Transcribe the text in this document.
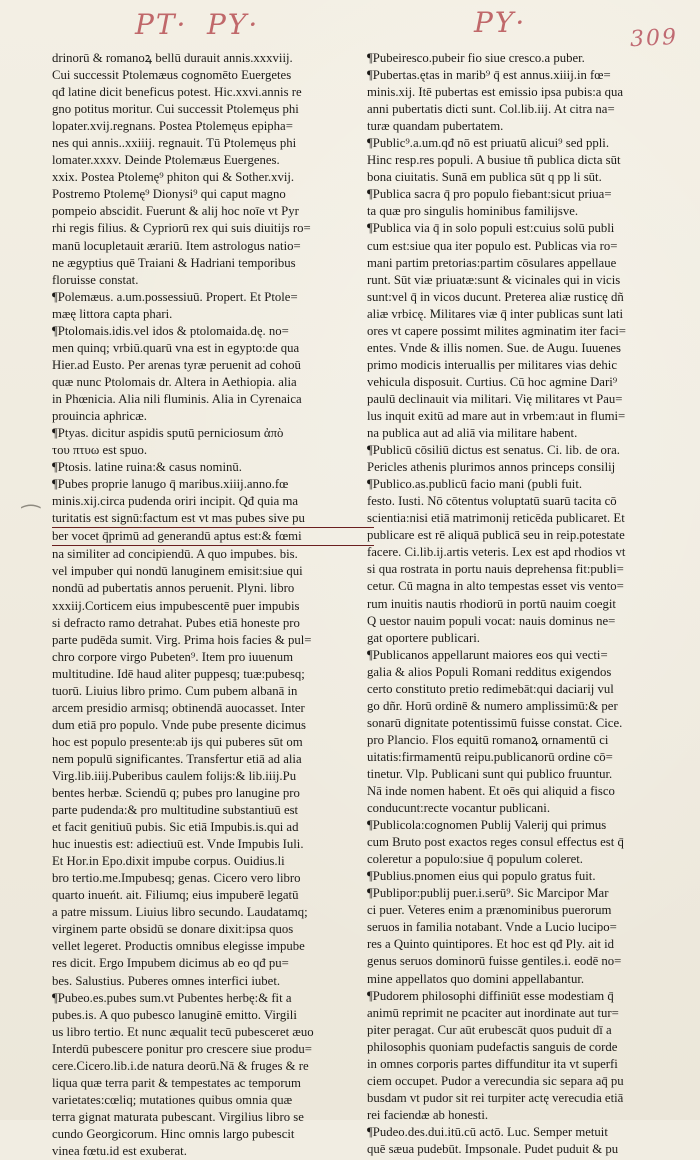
PT· PY·	PY·	309
⁀
drinorū & romanoꝝ bellū durauit annis.xxxviij.
Cui successit Ptolemæus cognomēto Euergetes
qđ latine dicit beneficus potest. Hic.xxvi.annis re
gno potitus moritur. Cui successit Ptolemęus phi
lopater.xvij.regnans. Postea Ptolemęus epipha=
nes qui annis..xxiiij. regnauit. Tū Ptolemęus phi
lomater.xxxv. Deinde Ptolemæus Euergenes.
xxix. Postea Ptolemę⁹ phiton qui & Sother.xvij.
Postremo Ptolemę⁹ Dionysi⁹ qui caput magno
pompeio abscidit. Fuerunt & alij hoc noīe vt Pyr
rhi regis filius. & Cypriorū rex qui suis diuitijs ro=
manū locupletauit ærariū. Item astrologus natio=
ne ægyptius quē Traiani & Hadriani temporibus
floruisse constat.
¶Polemæus. a.um.possessiuū. Propert. Et Ptole=
mæę littora capta phari.
¶Ptolomais.idis.vel idos & ptolomaida.dę. no=
men quinq; vrbiū.quarū vna est in egypto:de qua
Hier.ad Eusto. Per arenas tyræ peruenit ad cohoū
quæ nunc Ptolomais dr. Altera in Aethiopia. alia
in Phœnicia. Alia nili fluminis. Alia in Cyrenaica
prouincia aphricæ.
¶Ptyas. dicitur aspidis sputū perniciosum ἀπὸ
του πτυω est spuo.
¶Ptosis. latine ruina:& casus nominū.
¶Pubes proprie lanugo q̄ maribus.xiiij.anno.fœ
minis.xij.circa pudenda oriri incipit. Qđ quia ma
turitatis est signū:factum est vt mas pubes sive pu
ber vocet q̄primū ad generandū aptus est:& fœmi
na similiter ad concipiendū. A quo impubes. bis.
vel impuber qui nondū lanuginem emisit:siue qui
nondū ad pubertatis annos peruenit. Plyni. libro
xxxiij.Corticem eius impubescentē puer impubis
si defracto ramo detrahat. Pubes etiā honeste pro
parte pudēda sumit. Virg. Prima hois facies & pul=
chro corpore virgo Pubeten⁹. Item pro iuuenum
multitudine. Idē haud aliter puppesq; tuæ:pubesq;
tuorū. Liuius libro primo. Cum pubem albanā in
arcem presidio armisq; obtinendā auocasset. Inter
dum etiā pro populo. Vnde pube presente dicimus
hoc est populo presente:ab ijs qui puberes sūt om
nem populū significantes. Transfertur etiā ad alia
Virg.lib.iiij.Puberibus caulem folijs:& lib.iiij.Pu
bentes herbæ. Sciendū q; pubes pro lanugine pro
parte pudenda:& pro multitudine substantiuū est
et facit genitiuū pubis. Sic etiā Impubis.is.qui ad
huc inuestis est: adiectiuū est. Vnde Impubis Iuli.
Et Hor.in Epo.dixit impube corpus. Ouidius.li
bro tertio.me.Impubesq; genas. Cicero vero libro
quarto inueńt. ait. Filiumq; eius impuberē legatū
a patre missum. Liuius libro secundo. Laudatamq;
virginem parte obsidū se donare dixit:ipsa quos
vellet legeret. Productis omnibus elegisse impube
res dicit. Ergo Impubem dicimus ab eo qđ pu=
bes. Salustius. Puberes omnes interfici iubet.
¶Pubeo.es.pubes sum.vt Pubentes herbę:& fit a
pubes.is. A quo pubesco lanuginē emitto. Virgili
us libro tertio. Et nunc æqualit tecū pubesceret æuo
Interdū pubescere ponitur pro crescere siue produ=
cere.Cicero.lib.i.de natura deorū.Nā & fruges & re
liqua quæ terra parit & tempestates ac temporum
varietates:cœliq; mutationes quibus omnia quæ
terra gignat maturata pubescant. Virgilius libro se
cundo Georgicorum. Hinc omnis largo pubescit
vinea fœtu.id est exuberat.
¶Pubeiresco.pubeir fio siue cresco.a puber.
¶Pubertas.ętas in marib⁹ q̄ est annus.xiiij.in fœ=
minis.xij. Itē pubertas est emissio ipsa pubis:a qua
anni pubertatis dicti sunt. Col.lib.iij. At citra na=
turæ quandam pubertatem.
¶Public⁹.a.um.qđ nō est priuatū alicui⁹ sed ppli.
Hinc resp.res populi. A busiue tñ publica dicta sūt
bona ciuitatis. Sunā em publica sūt q pp li sūt.
¶Publica sacra q̄ pro populo fiebant:sicut priua=
ta quæ pro singulis hominibus familijsve.
¶Publica via q̄ in solo populi est:cuius solū publi
cum est:siue qua iter populo est. Publicas via ro=
mani partim pretorias:partim cōsulares appellaue
runt. Sūt viæ priuatæ:sunt & vicinales qui in vicis
sunt:vel q̄ in vicos ducunt. Preterea aliæ rusticę dñ
aliæ vrbicę. Militares viæ q̄ inter publicas sunt lati
ores vt capere possimt milites agminatim iter faci=
entes. Vnde & illis nomen. Sue. de Augu. Iuuenes
primo modicis interuallis per militares vias dehic
vehicula disposuit. Curtius. Cū hoc agmine Dari⁹
paulū declinauit via militari. Vię militares vt Pau=
lus inquit exitū ad mare aut in vrbem:aut in flumi=
na publica aut ad aliā via militare habent.
¶Publicū cōsiliū dictus est senatus. Ci. lib. de ora.
Pericles athenis plurimos annos princeps consilij
¶Publico.as.publicū facio mani (publi fuit.
festo. Iusti. Nō cōtentus voluptatū suarū tacita cō
scientia:nisi etiā matrimonij reticēda publicaret. Et
publicare est rē aliquā publicā seu in reip.potestate
facere. Ci.lib.ij.artis veteris. Lex est apd rhodios vt
si qua rostrata in portu nauis deprehensa fit:publi=
cetur. Cū magna in alto tempestas esset vis vento=
rum inuitis nautis rhodiorū in portū nauim coegit
Q uestor nauim populi vocat: nauis dominus ne=
gat oportere publicari.
¶Publicanos appellarunt maiores eos qui vecti=
galia & alios Populi Romani redditus exigendos
certo constituto pretio redimebāt:qui daciarij vul
go dñr. Horū ordinē & numero amplissimū:& per
sonarū dignitate potentissimū fuisse constat. Cice.
pro Plancio. Flos equitū romanoꝝ ornamentū ci
uitatis:firmamentū reipu.publicanorū ordine cō=
tinetur. Vlp. Publicani sunt qui publico fruuntur.
Nā inde nomen habent. Et oēs qui aliquid a fisco
conducunt:recte vocantur publicani.
¶Publicola:cognomen Publij Valerij qui primus
cum Bruto post exactos reges consul effectus est q̄
coleretur a populo:siue q̄ populum coleret.
¶Publius.pnomen eius qui populo gratus fuit.
¶Publipor:publij puer.i.serū⁹. Sic Marcipor Mar
ci puer. Veteres enim a prænominibus puerorum
seruos in familia notabant. Vnde a Lucio lucipo=
res a Quinto quintipores. Et hoc est qđ Ply. ait id
genus seruos dominorū fuisse gentiles.i. eodē no=
mine appellatos quo domini appellabantur.
¶Pudorem philosophi diffiniūt esse modestiam q̄
animū reprimit ne pcaciter aut inordinate aut tur=
piter peragat. Cur aūt erubescāt quos puduit dī a
philosophis quoniam pudefactis sanguis de corde
in omnes corporis partes diffunditur ita vt superfi
ciem occupet. Pudor a verecundia sic separa aq̄ pu
busdam vt pudor sit rei turpiter actę verecudia etiā
rei faciendæ ab honesti.
¶Pudeo.des.dui.itū.cū actō. Luc. Semper metuit
quē sæua pudebūt. Impsonale. Pudet puduit & pu
